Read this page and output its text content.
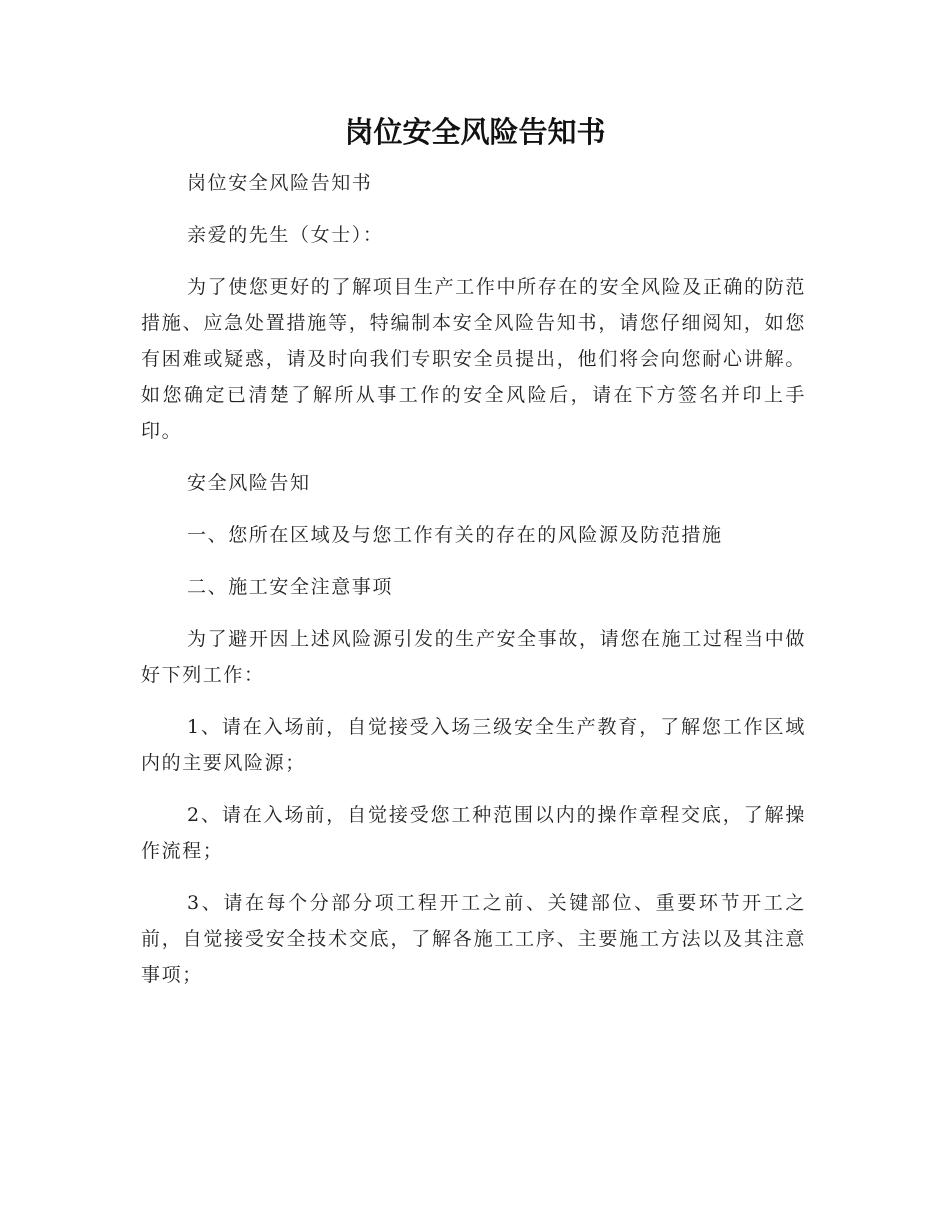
岗位安全风险告知书

岗位安全风险告知书

亲爱的先生（女士）：

为了使您更好的了解项目生产工作中所存在的安全风险及正确的防范措施、应急处置措施等，特编制本安全风险告知书，请您仔细阅知，如您有困难或疑惑，请及时向我们专职安全员提出，他们将会向您耐心讲解。如您确定已清楚了解所从事工作的安全风险后，请在下方签名并印上手印。

安全风险告知

一、您所在区域及与您工作有关的存在的风险源及防范措施

二、施工安全注意事项

为了避开因上述风险源引发的生产安全事故，请您在施工过程当中做好下列工作：

1、请在入场前，自觉接受入场三级安全生产教育，了解您工作区域内的主要风险源；

2、请在入场前，自觉接受您工种范围以内的操作章程交底，了解操作流程；

3、请在每个分部分项工程开工之前、关键部位、重要环节开工之前，自觉接受安全技术交底，了解各施工工序、主要施工方法以及其注意事项；
